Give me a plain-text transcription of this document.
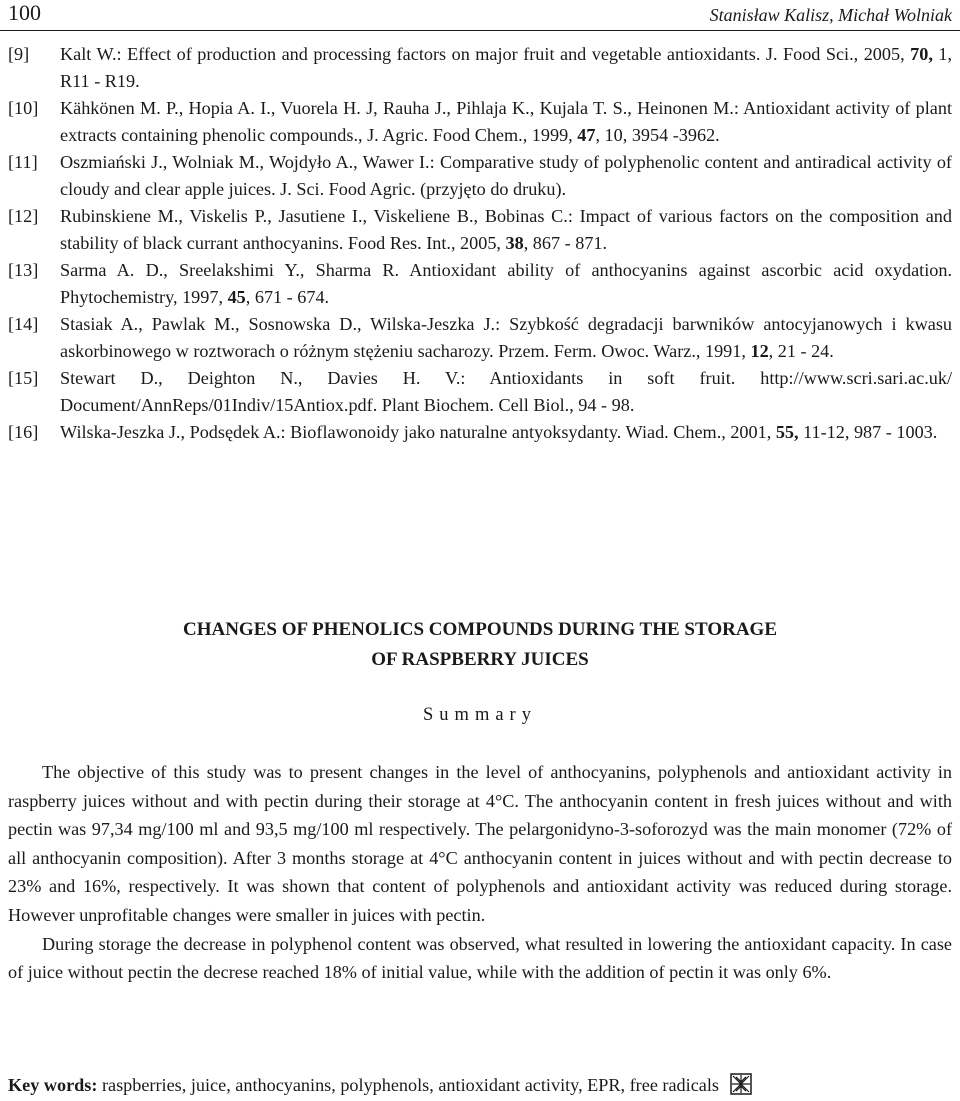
100	Stanisław Kalisz, Michał Wolniak
[9] Kalt W.: Effect of production and processing factors on major fruit and vegetable antioxidants. J. Food Sci., 2005, 70, 1, R11 - R19.
[10] Kähkönen M. P., Hopia A. I., Vuorela H. J, Rauha J., Pihlaja K., Kujala T. S., Heinonen M.: Antioxidant activity of plant extracts containing phenolic compounds., J. Agric. Food Chem., 1999, 47, 10, 3954 -3962.
[11] Oszmiański J., Wolniak M., Wojdyło A., Wawer I.: Comparative study of polyphenolic content and antiradical activity of cloudy and clear apple juices. J. Sci. Food Agric. (przyjęto do druku).
[12] Rubinskiene M., Viskelis P., Jasutiene I., Viskeliene B., Bobinas C.: Impact of various factors on the composition and stability of black currant anthocyanins. Food Res. Int., 2005, 38, 867 - 871.
[13] Sarma A. D., Sreelakshimi Y., Sharma R. Antioxidant ability of anthocyanins against ascorbic acid oxydation. Phytochemistry, 1997, 45, 671 - 674.
[14] Stasiak A., Pawlak M., Sosnowska D., Wilska-Jeszka J.: Szybkość degradacji barwników antocyjanowych i kwasu askorbinowego w roztworach o różnym stężeniu sacharozy. Przem. Ferm. Owoc. Warz., 1991, 12, 21 - 24.
[15] Stewart D., Deighton N., Davies H. V.: Antioxidants in soft fruit. http://www.scri.sari.ac.uk/ Document/AnnReps/01Indiv/15Antiox.pdf. Plant Biochem. Cell Biol., 94 - 98.
[16] Wilska-Jeszka J., Podsędek A.: Bioflawonoidy jako naturalne antyoksydanty. Wiad. Chem., 2001, 55, 11-12, 987 - 1003.
CHANGES OF PHENOLICS COMPOUNDS DURING THE STORAGE
OF RASPBERRY JUICES
Summary

The objective of this study was to present changes in the level of anthocyanins, polyphenols and antioxidant activity in raspberry juices without and with pectin during their storage at 4°C. The anthocyanin content in fresh juices without and with pectin was 97,34 mg/100 ml and 93,5 mg/100 ml respectively. The pelargonidyno-3-soforozyd was the main monomer (72% of all anthocyanin composition). After 3 months storage at 4°C anthocyanin content in juices without and with pectin decrease to 23% and 16%, respectively. It was shown that content of polyphenols and antioxidant activity was reduced during storage. However unprofitable changes were smaller in juices with pectin.

During storage the decrease in polyphenol content was observed, what resulted in lowering the antioxidant capacity. In case of juice without pectin the decrese reached 18% of initial value, while with the addition of pectin it was only 6%.

Key words: raspberries, juice, anthocyanins, polyphenols, antioxidant activity, EPR, free radicals
